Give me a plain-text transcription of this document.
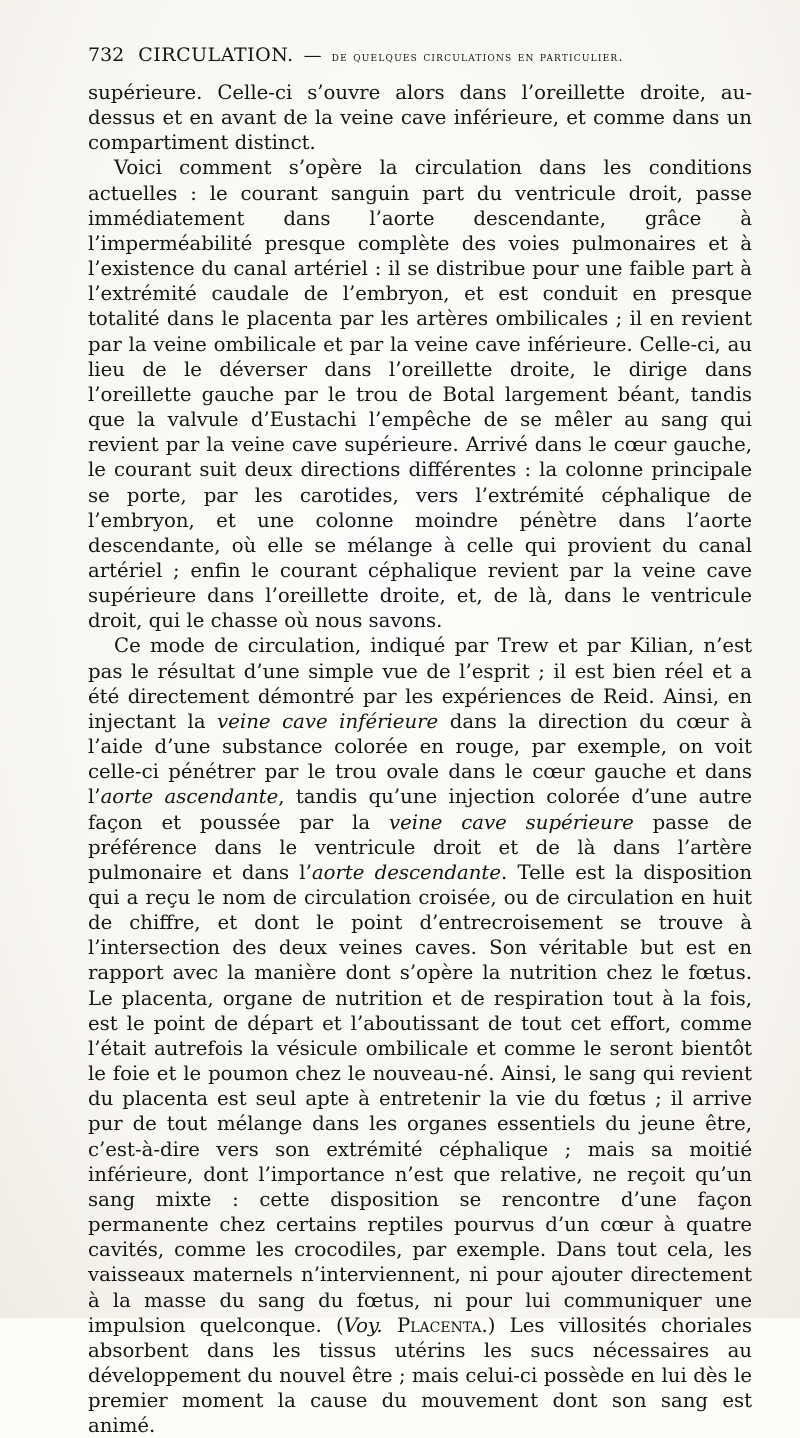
732 CIRCULATION. — de quelques circulations en particulier.

supérieure. Celle-ci s’ouvre alors dans l’oreillette droite, au-dessus et en avant de la veine cave inférieure, et comme dans un compartiment distinct.

Voici comment s’opère la circulation dans les conditions actuelles : le courant sanguin part du ventricule droit, passe immédiatement dans l’aorte descendante, grâce à l’imperméabilité presque complète des voies pulmonaires et à l’existence du canal artériel : il se distribue pour une faible part à l’extrémité caudale de l’embryon, et est conduit en presque totalité dans le placenta par les artères ombilicales ; il en revient par la veine ombilicale et par la veine cave inférieure. Celle-ci, au lieu de le déverser dans l’oreillette droite, le dirige dans l’oreillette gauche par le trou de Botal largement béant, tandis que la valvule d’Eustachi l’empêche de se mêler au sang qui revient par la veine cave supérieure. Arrivé dans le cœur gauche, le courant suit deux directions différentes : la colonne principale se porte, par les carotides, vers l’extrémité céphalique de l’embryon, et une colonne moindre pénètre dans l’aorte descendante, où elle se mélange à celle qui provient du canal artériel ; enfin le courant céphalique revient par la veine cave supérieure dans l’oreillette droite, et, de là, dans le ventricule droit, qui le chasse où nous savons.

Ce mode de circulation, indiqué par Trew et par Kilian, n’est pas le résultat d’une simple vue de l’esprit ; il est bien réel et a été directement démontré par les expériences de Reid. Ainsi, en injectant la veine cave inférieure dans la direction du cœur à l’aide d’une substance colorée en rouge, par exemple, on voit celle-ci pénétrer par le trou ovale dans le cœur gauche et dans l’aorte ascendante, tandis qu’une injection colorée d’une autre façon et poussée par la veine cave supérieure passe de préférence dans le ventricule droit et de là dans l’artère pulmonaire et dans l’aorte descendante. Telle est la disposition qui a reçu le nom de circulation croisée, ou de circulation en huit de chiffre, et dont le point d’entrecroisement se trouve à l’intersection des deux veines caves. Son véritable but est en rapport avec la manière dont s’opère la nutrition chez le fœtus. Le placenta, organe de nutrition et de respiration tout à la fois, est le point de départ et l’aboutissant de tout cet effort, comme l’était autrefois la vésicule ombilicale et comme le seront bientôt le foie et le poumon chez le nouveau-né. Ainsi, le sang qui revient du placenta est seul apte à entretenir la vie du fœtus ; il arrive pur de tout mélange dans les organes essentiels du jeune être, c’est-à-dire vers son extrémité céphalique ; mais sa moitié inférieure, dont l’importance n’est que relative, ne reçoit qu’un sang mixte : cette disposition se rencontre d’une façon permanente chez certains reptiles pourvus d’un cœur à quatre cavités, comme les crocodiles, par exemple. Dans tout cela, les vaisseaux maternels n’interviennent, ni pour ajouter directement à la masse du sang du fœtus, ni pour lui communiquer une impulsion quelconque. (Voy. Placenta.) Les villosités choriales absorbent dans les tissus utérins les sucs nécessaires au développement du nouvel être ; mais celui-ci possède en lui dès le premier moment la cause du mouvement dont son sang est animé.
